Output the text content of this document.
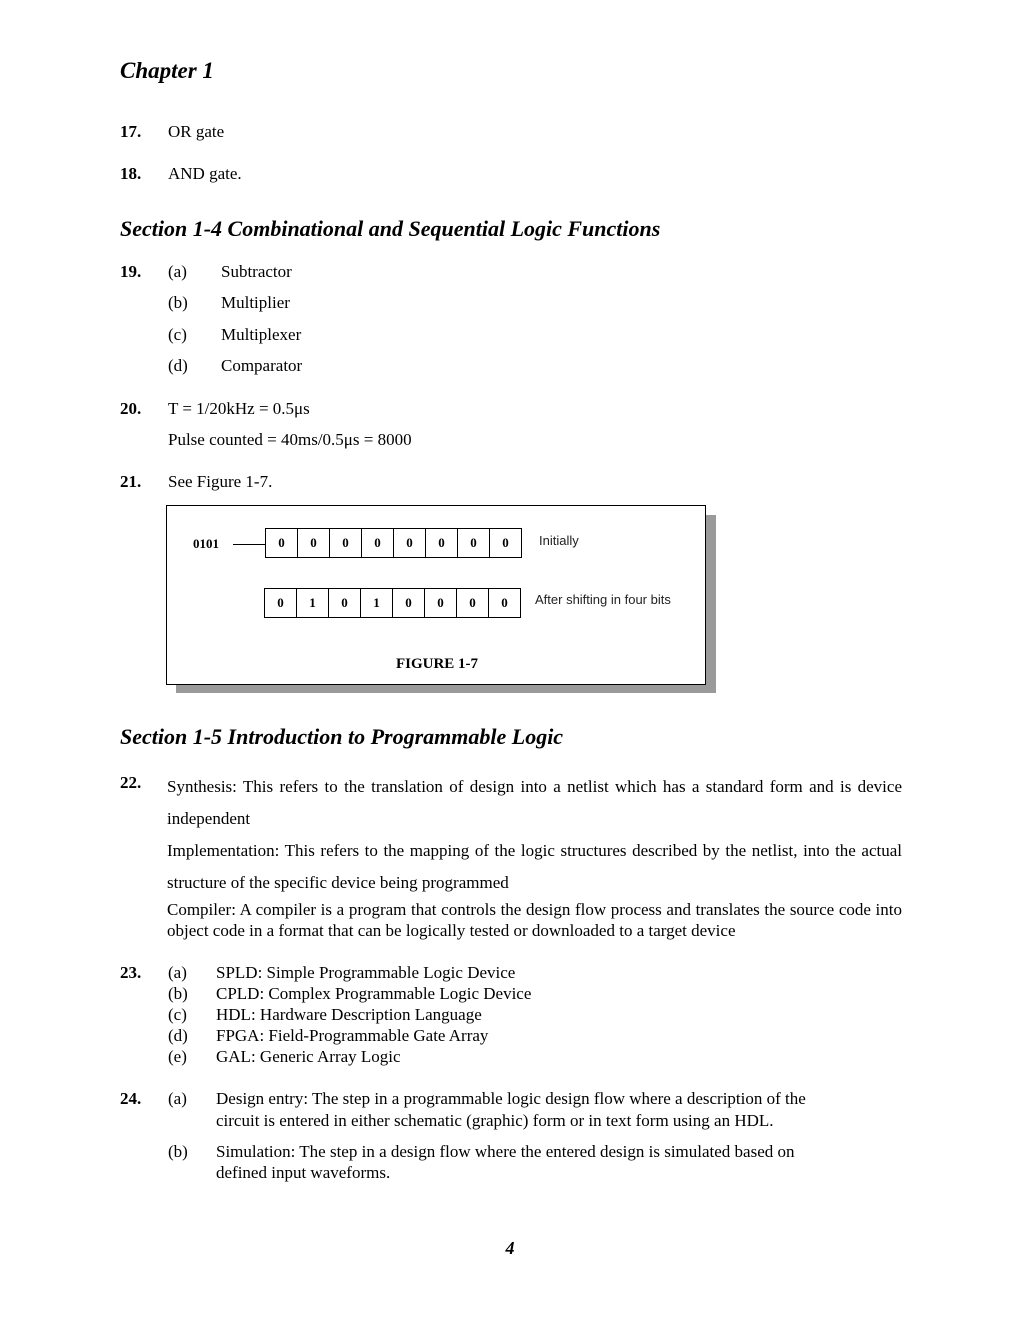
Chapter 1
17. OR gate
18. AND gate.
Section 1-4 Combinational and Sequential Logic Functions
19. (a) Subtractor
(b) Multiplier
(c) Multiplexer
(d) Comparator
20. T = 1/20kHz = 0.5μs
Pulse counted = 40ms/0.5μs = 8000
21. See Figure 1-7.
0101	0	0	0	0	0	0	0	0	Initially
0	1	0	1	0	0	0	0	After shifting in four bits
FIGURE 1-7
Section 1-5 Introduction to Programmable Logic
22. Synthesis: This refers to the translation of design into a netlist which has a standard form and is device independent
Implementation: This refers to the mapping of the logic structures described by the netlist, into the actual structure of the specific device being programmed
Compiler: A compiler is a program that controls the design flow process and translates the source code into object code in a format that can be logically tested or downloaded to a target device
23. (a) SPLD: Simple Programmable Logic Device
(b) CPLD: Complex Programmable Logic Device
(c) HDL: Hardware Description Language
(d) FPGA: Field-Programmable Gate Array
(e) GAL: Generic Array Logic
24. (a) Design entry: The step in a programmable logic design flow where a description of the
circuit is entered in either schematic (graphic) form or in text form using an HDL.
(b) Simulation: The step in a design flow where the entered design is simulated based on
defined input waveforms.
4
